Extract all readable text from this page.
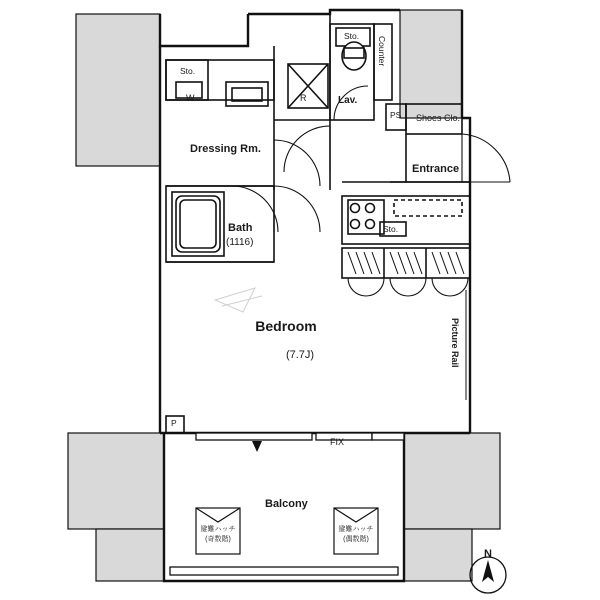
Bedroom
(7.7J)
Dressing Rm.
Bath
(1116)
Lav.
Entrance
Balcony
Shoes Clo.
Sto.
Sto.
Sto.
W	R
PS
Counter
Picture Rail
FIX
P
避難ハッチ
(奇数階)
避難ハッチ
(偶数階)
N
